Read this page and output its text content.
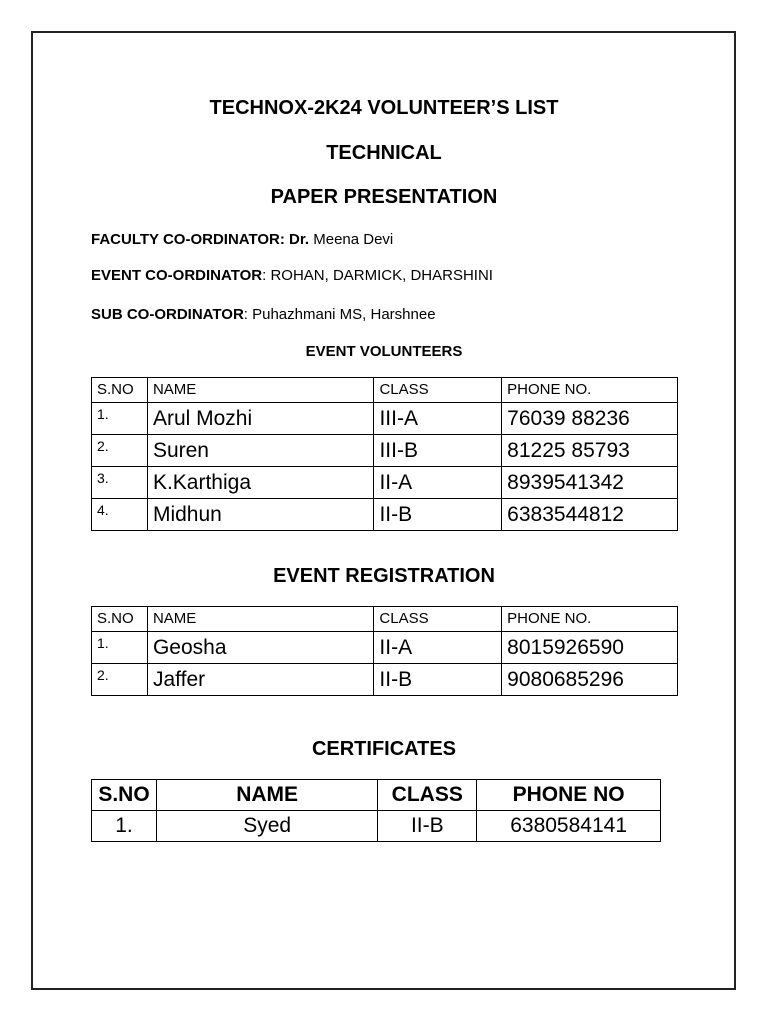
TECHNOX-2K24 VOLUNTEER’S LIST
TECHNICAL
PAPER PRESENTATION
FACULTY CO-ORDINATOR: Dr. Meena Devi
EVENT CO-ORDINATOR: ROHAN, DARMICK, DHARSHINI
SUB CO-ORDINATOR: Puhazhmani MS, Harshnee
EVENT VOLUNTEERS
S.NO	NAME	CLASS	PHONE NO.
1.	Arul Mozhi	III-A	76039 88236
2.	Suren	III-B	81225 85793
3.	K.Karthiga	II-A	8939541342
4.	Midhun	II-B	6383544812
EVENT REGISTRATION
S.NO	NAME	CLASS	PHONE NO.
1.	Geosha	II-A	8015926590
2.	Jaffer	II-B	9080685296
CERTIFICATES
S.NO	NAME	CLASS	PHONE NO
1.	Syed	II-B	6380584141
